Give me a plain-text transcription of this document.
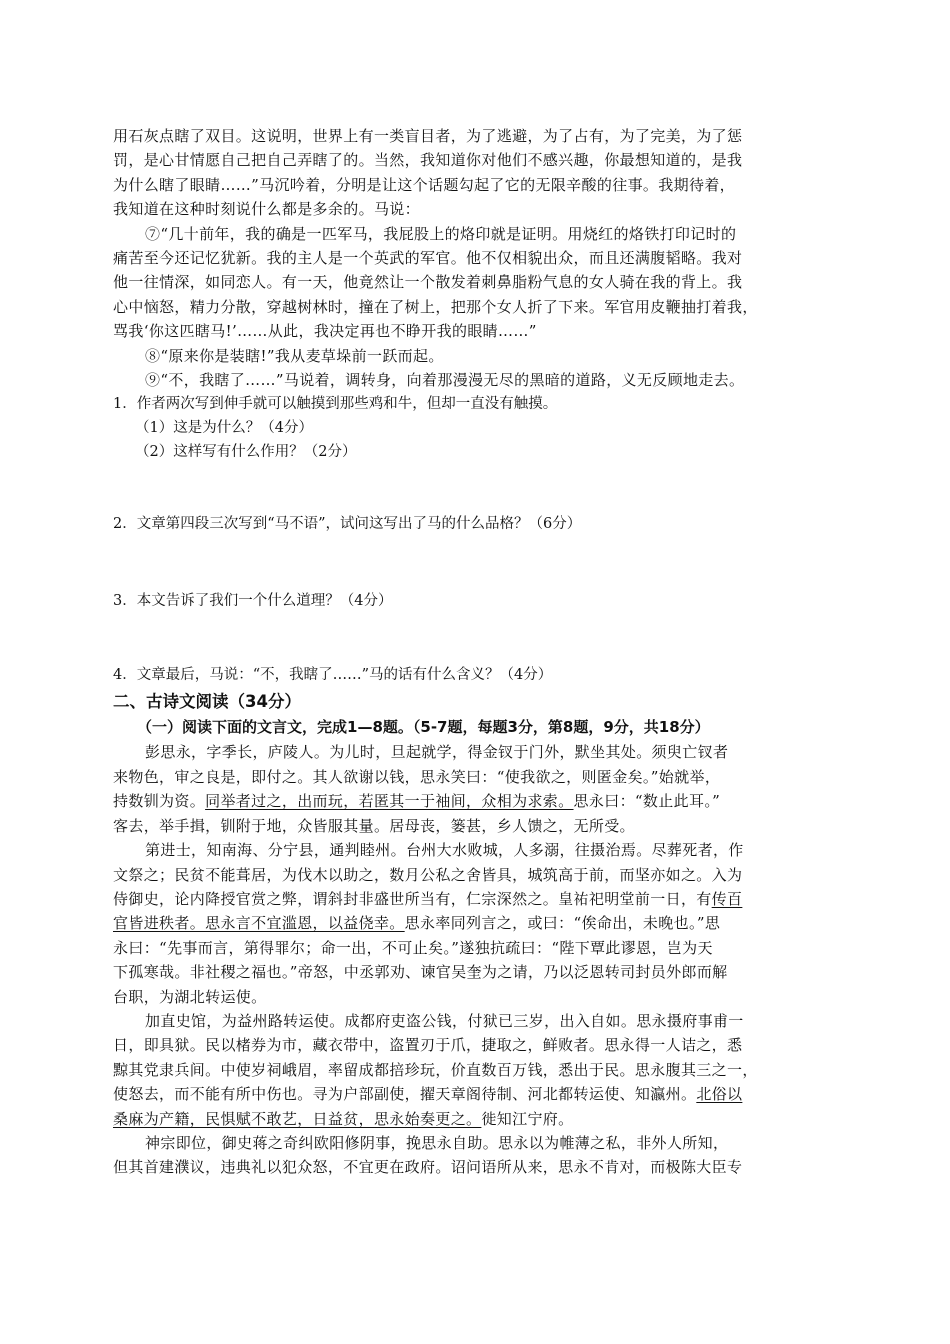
用石灰点瞎了双目。这说明，世界上有一类盲目者，为了逃避，为了占有，为了完美，为了惩
罚，是心甘情愿自己把自己弄瞎了的。当然，我知道你对他们不感兴趣，你最想知道的，是我
为什么瞎了眼睛……”马沉吟着，分明是让这个话题勾起了它的无限辛酸的往事。我期待着，
我知道在这种时刻说什么都是多余的。马说：
⑦“几十前年，我的确是一匹军马，我屁股上的烙印就是证明。用烧红的烙铁打印记时的
痛苦至今还记忆犹新。我的主人是一个英武的军官。他不仅相貌出众，而且还满腹韬略。我对
他一往情深，如同恋人。有一天，他竟然让一个散发着刺鼻脂粉气息的女人骑在我的背上。我
心中恼怒，精力分散，穿越树林时，撞在了树上，把那个女人折了下来。军官用皮鞭抽打着我，
骂我‘你这匹瞎马!’……从此，我决定再也不睁开我的眼睛……”
⑧“原来你是装瞎!”我从麦草垛前一跃而起。
⑨“不，我瞎了……”马说着，调转身，向着那漫漫无尽的黑暗的道路，义无反顾地走去。
1．作者两次写到伸手就可以触摸到那些鸡和牛，但却一直没有触摸。
（1）这是为什么？（4分）
（2）这样写有什么作用？（2分）
2．文章第四段三次写到“马不语”，试问这写出了马的什么品格？（6分）
3．本文告诉了我们一个什么道理？（4分）
4．文章最后，马说：“不，我瞎了……”马的话有什么含义？（4分）
二、古诗文阅读（34分）
（一）阅读下面的文言文，完成1—8题。（5-7题，每题3分，第8题，9分，共18分）
彭思永，字季长，庐陵人。为儿时，旦起就学，得金钗于门外，默坐其处。须臾亡钗者
来物色，审之良是，即付之。其人欲谢以钱，思永笑曰：“使我欲之，则匿金矣。”始就举，
持数钏为资。同举者过之，出而玩，若匿其一于袖间，众相为求索。思永曰：“数止此耳。”
客去，举手揖，钏附于地，众皆服其量。居母丧，篓甚，乡人馈之，无所受。
第进士，知南海、分宁县，通判睦州。台州大水败城，人多溺，往摄治焉。尽葬死者，作
文祭之；民贫不能葺居，为伐木以助之，数月公私之舍皆具，城筑高于前，而坚亦如之。入为
侍御史，论内降授官赏之弊，谓斜封非盛世所当有，仁宗深然之。皇祐祀明堂前一日，有传百
官皆进秩者。思永言不宜滥恩，以益侥幸。思永率同列言之，或曰：“俟命出，未晚也。”思
永曰：“先事而言，第得罪尔；命一出，不可止矣。”遂独抗疏曰：“陛下覃此谬恩，岂为天
下孤寒哉。非社稷之福也。”帝怒，中丞郭劝、谏官吴奎为之请，乃以泛恩转司封员外郎而解
台职，为湖北转运使。
加直史馆，为益州路转运使。成都府吏盗公钱，付狱已三岁，出入自如。思永摄府事甫一
日，即具狱。民以楮券为市，藏衣带中，盗置刃于爪，捷取之，鲜败者。思永得一人诘之，悉
黥其党隶兵间。中使岁祠峨眉，率留成都掊珍玩，价直数百万钱，悉出于民。思永腹其三之一，
使怒去，而不能有所中伤也。寻为户部副使，擢天章阁待制、河北都转运使、知瀛州。北俗以
桑麻为产籍，民惧赋不敢艺，日益贫，思永始奏更之。徙知江宁府。
神宗即位，御史蒋之奇纠欧阳修阴事，挽思永自助。思永以为帷薄之私，非外人所知，
但其首建濮议，违典礼以犯众怒，不宜更在政府。诏问语所从来，思永不肯对，而极陈大臣专
